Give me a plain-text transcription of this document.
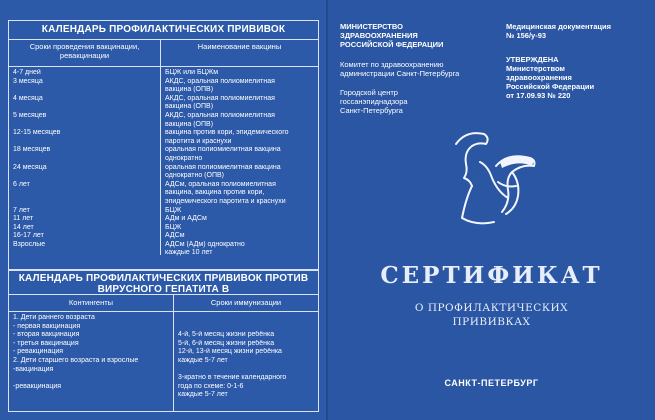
КАЛЕНДАРЬ ПРОФИЛАКТИЧЕСКИХ ПРИВИВОК
Сроки проведения вакцинации, ревакцинации
Наименование вакцины
4-7 дней
3 месяца

4 месяца

5 месяцев

12-15 месяцев

18 месяцев

24 месяца

6 лет

7 лет
11 лет
14 лет
16-17 лет
Взрослые

БЦЖ или БЦЖм
АКДС, оральная полиомиелитная
вакцина (ОПВ)
АКДС, оральная полиомиелитная
вакцина (ОПВ)
АКДС, оральная полиомиелитная
вакцина (ОПВ)
вакцина против кори, эпидемического
паротита и краснухи
оральная полиомиелитная вакцина
однократно
оральная полиомиелитная вакцина
однократно (ОПВ)
АДСм, оральная полиомиелитная
вакцина, вакцина против кори,
эпидемического паротита и краснухи
БЦЖ
АДм и АДСм
БЦЖ
АДСм
АДСм (АДм) однократно
каждые 10 лет
КАЛЕНДАРЬ ПРОФИЛАКТИЧЕСКИХ ПРИВИВОК ПРОТИВ
ВИРУСНОГО ГЕПАТИТА В
Контингенты	Сроки иммунизации
1. Дети раннего возраста
- первая вакцинация
- вторая вакцинация
- третья вакцинация
- ревакцинация
2. Дети старшего возраста и взрослые
-вакцинация

-ревакцинация

4-й, 5-й месяц жизни ребёнка
5-й, 6-й месяц жизни ребёнка
12-й, 13-й месяц жизни ребёнка
каждые 5-7 лет

3-кратно в течение календарного
года по схеме: 0-1-6
каждые 5-7 лет
МИНИСТЕРСТВО
ЗДРАВООХРАНЕНИЯ
РОССИЙСКОЙ ФЕДЕРАЦИИ
Медицинская документация
№ 156/у-93
Комитет по здравоохранению
администрации Санкт-Петербурга
УТВЕРЖДЕНА
Министерством
здравоохранения
Российской Федерации
от 17.09.93 № 220
Городской центр
госсанэпиднадзора
Санкт-Петербурга
СЕРТИФИКАТ
О ПРОФИЛАКТИЧЕСКИХ
ПРИВИВКАХ
САНКТ-ПЕТЕРБУРГ
